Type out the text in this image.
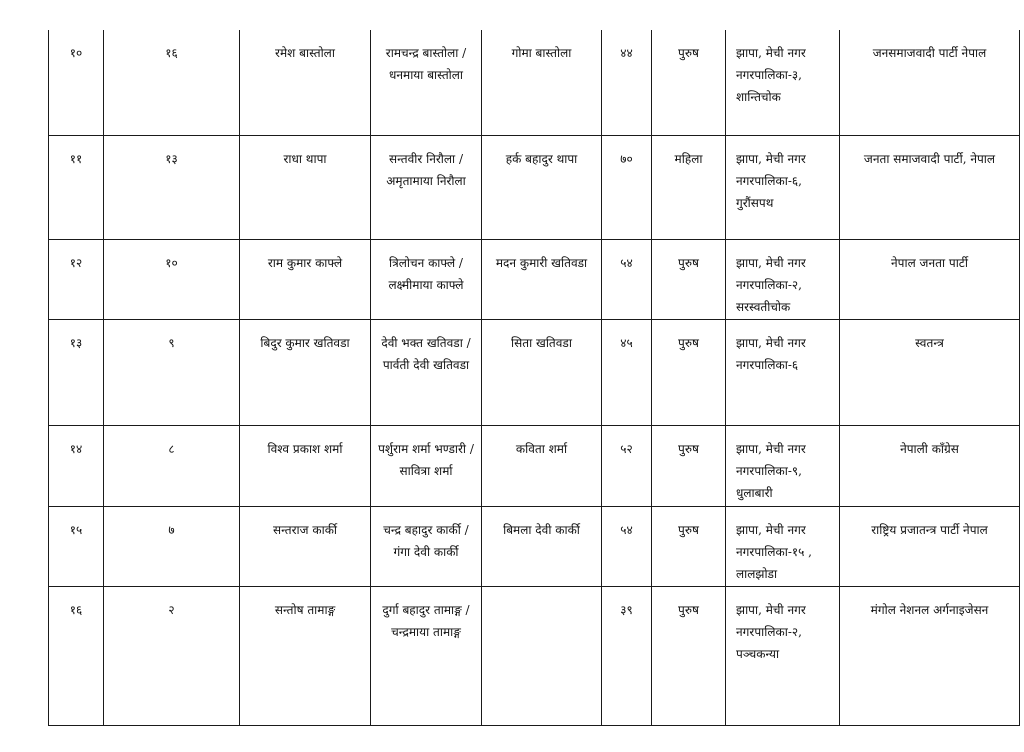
१०	१६	रमेश बास्तोला	रामचन्द्र बास्तोला / धनमाया बास्तोला	गोमा बास्तोला	४४	पुरुष	झापा, मेची नगर नगरपालिका-३, शान्तिचोक	जनसमाजवादी पार्टी नेपाल

११	१३	राधा थापा	सन्तवीर निरौला / अमृतामाया निरौला	हर्क बहादुर थापा	७०	महिला	झापा, मेची नगर नगरपालिका-६, गुरौंसपथ	जनता समाजवादी पार्टी, नेपाल

१२	१०	राम कुमार काफ्ले	त्रिलोचन काफ्ले / लक्ष्मीमाया काफ्ले	मदन कुमारी खतिवडा	५४	पुरुष	झापा, मेची नगर नगरपालिका-२, सरस्वतीचोक	नेपाल जनता पार्टी

१३	९	बिदुर कुमार खतिवडा	देवी भक्त खतिवडा / पार्वती देवी खतिवडा	सिता खतिवडा	४५	पुरुष	झापा, मेची नगर नगरपालिका-६	स्वतन्त्र

१४	८	विश्व प्रकाश शर्मा	पर्शुराम शर्मा भण्डारी / सावित्रा शर्मा	कविता शर्मा	५२	पुरुष	झापा, मेची नगर नगरपालिका-९, धुलाबारी	नेपाली काँग्रेस

१५	७	सन्तराज कार्की	चन्द्र बहादुर कार्की / गंगा देवी कार्की	बिमला देवी कार्की	५४	पुरुष	झापा, मेची नगर नगरपालिका-१५ , लालझोडा	राष्ट्रिय प्रजातन्त्र पार्टी नेपाल

१६	२	सन्तोष तामाङ्ग	दुर्गा बहादुर तामाङ्ग / चन्द्रमाया तामाङ्ग		३९	पुरुष	झापा, मेची नगर नगरपालिका-२, पञ्चकन्या	मंगोल नेशनल अर्गनाइजेसन
